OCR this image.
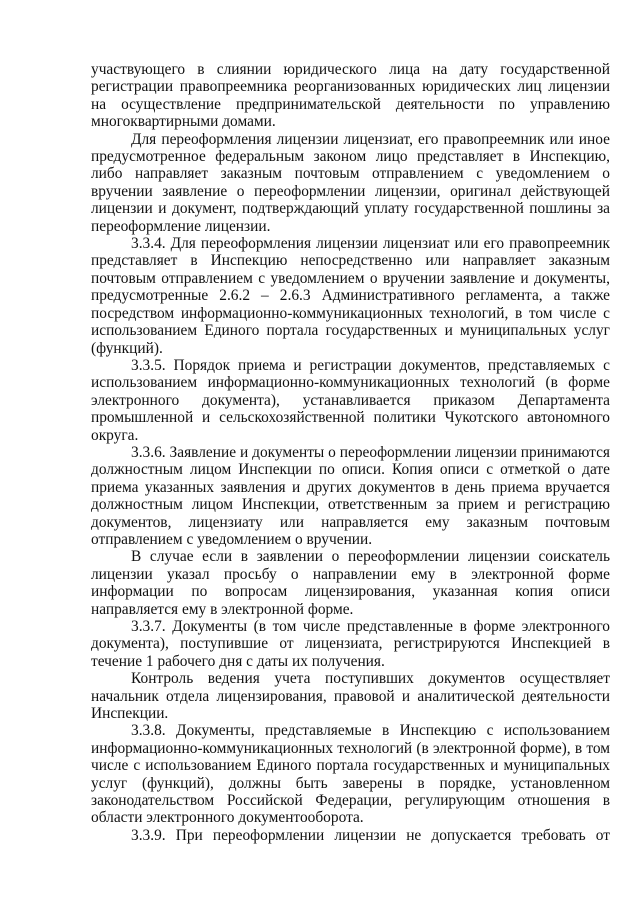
участвующего в слиянии юридического лица на дату государственной регистрации правопреемника реорганизованных юридических лиц лицензии на осуществление предпринимательской деятельности по управлению многоквартирными домами.

Для переоформления лицензии лицензиат, его правопреемник или иное предусмотренное федеральным законом лицо представляет в Инспекцию, либо направляет заказным почтовым отправлением с уведомлением о вручении заявление о переоформлении лицензии, оригинал действующей лицензии и документ, подтверждающий уплату государственной пошлины за переоформление лицензии.

3.3.4. Для переоформления лицензии лицензиат или его правопреемник представляет в Инспекцию непосредственно или направляет заказным почтовым отправлением с уведомлением о вручении заявление и документы, предусмотренные 2.6.2 – 2.6.3 Административного регламента, а также посредством информационно-коммуникационных технологий, в том числе с использованием Единого портала государственных и муниципальных услуг (функций).

3.3.5. Порядок приема и регистрации документов, представляемых с использованием информационно-коммуникационных технологий (в форме электронного документа), устанавливается приказом Департамента промышленной и сельскохозяйственной политики Чукотского автономного округа.

3.3.6. Заявление и документы о переоформлении лицензии принимаются должностным лицом Инспекции по описи. Копия описи с отметкой о дате приема указанных заявления и других документов в день приема вручается должностным лицом Инспекции, ответственным за прием и регистрацию документов, лицензиату или направляется ему заказным почтовым отправлением с уведомлением о вручении.

В случае если в заявлении о переоформлении лицензии соискатель лицензии указал просьбу о направлении ему в электронной форме информации по вопросам лицензирования, указанная копия описи направляется ему в электронной форме.

3.3.7. Документы (в том числе представленные в форме электронного документа), поступившие от лицензиата, регистрируются Инспекцией в течение 1 рабочего дня с даты их получения.

Контроль ведения учета поступивших документов осуществляет начальник отдела лицензирования, правовой и аналитической деятельности Инспекции.

3.3.8. Документы, представляемые в Инспекцию с использованием информационно-коммуникационных технологий (в электронной форме), в том числе с использованием Единого портала государственных и муниципальных услуг (функций), должны быть заверены в порядке, установленном законодательством Российской Федерации, регулирующим отношения в области электронного документооборота.

3.3.9. При переоформлении лицензии не допускается требовать от
